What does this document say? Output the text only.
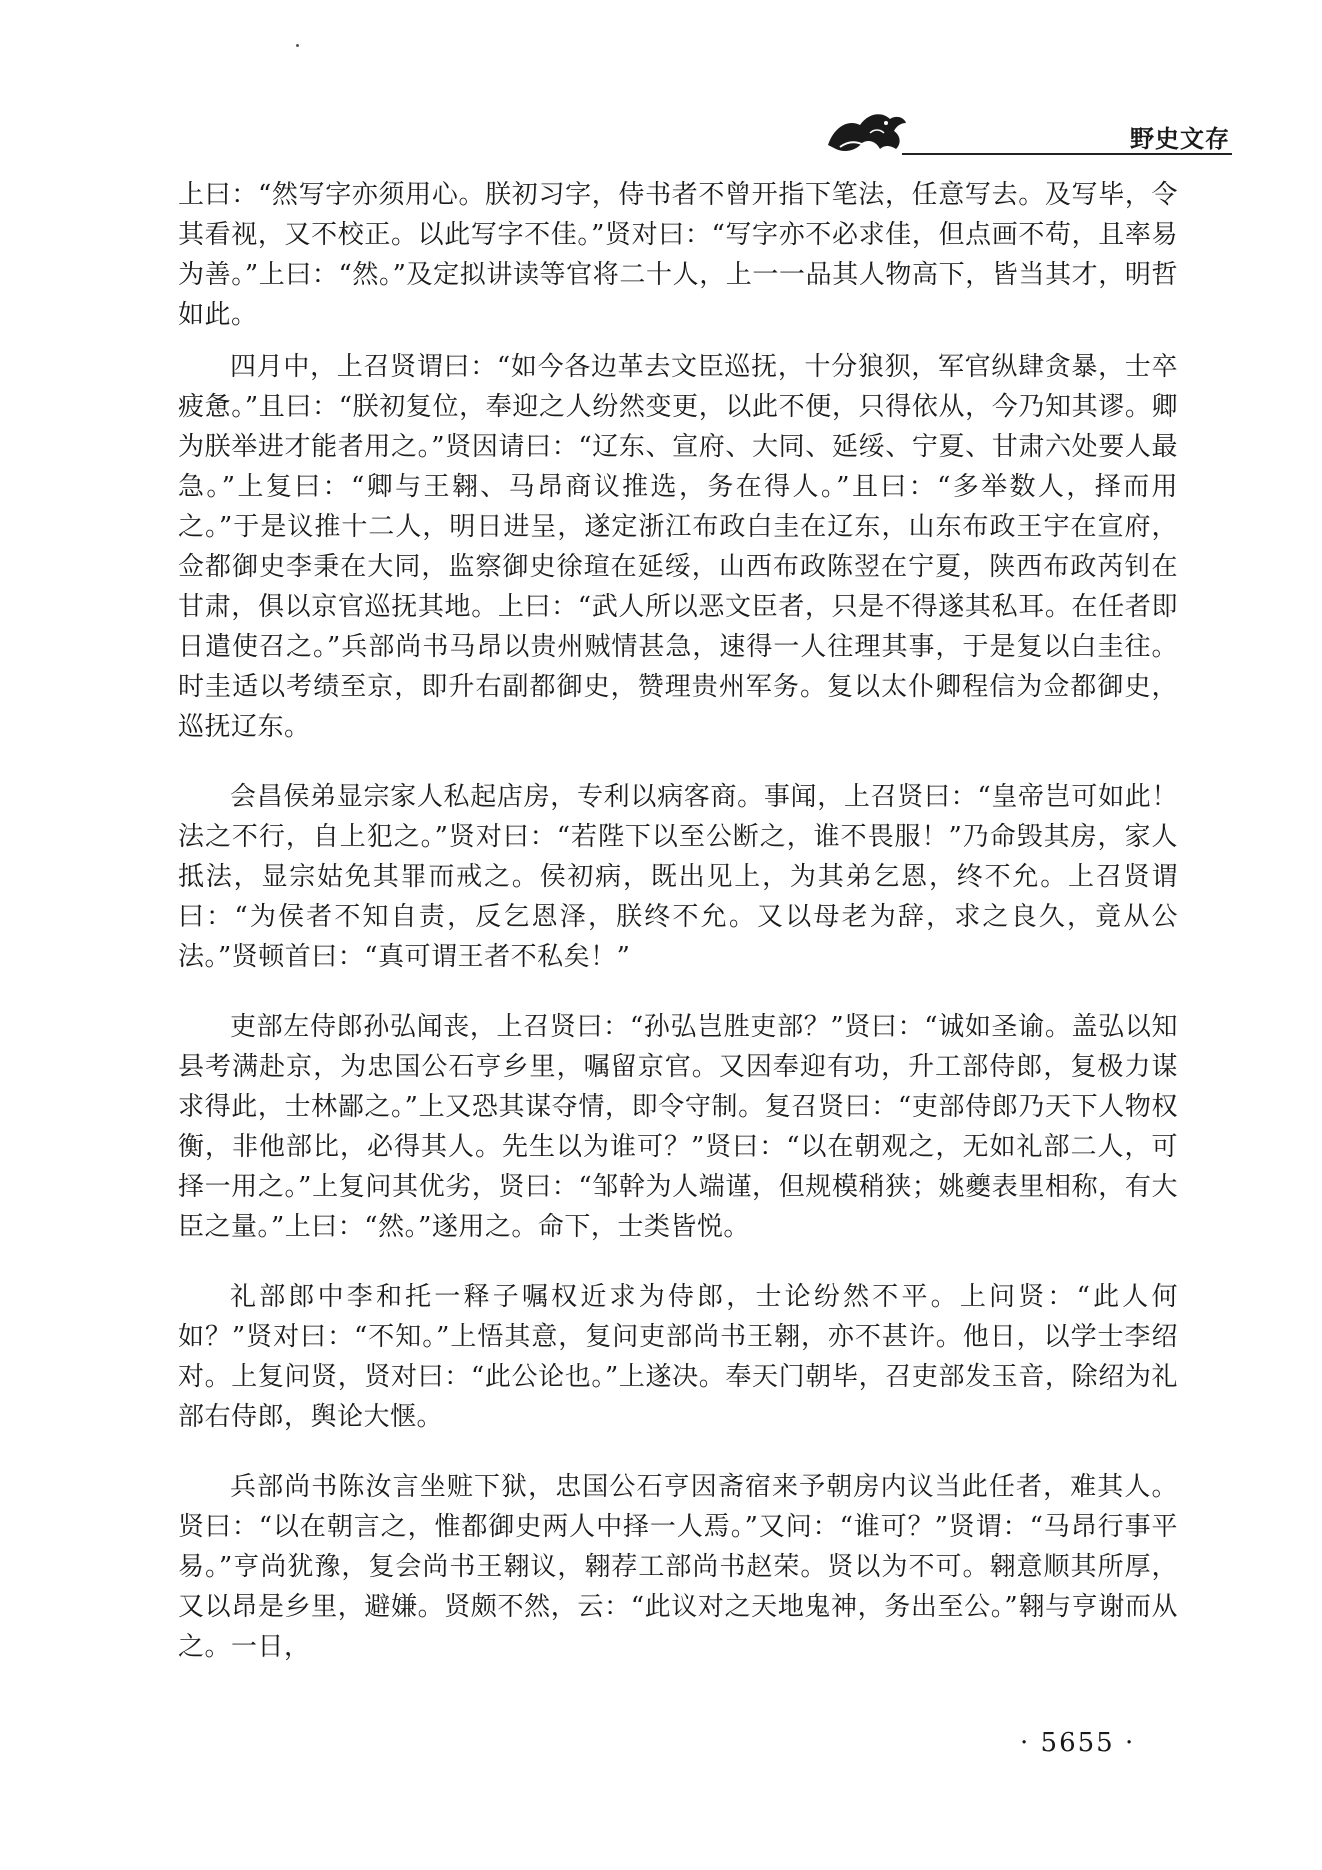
野史文存

上曰：“然写字亦须用心。朕初习字，侍书者不曾开指下笔法，任意写去。及写毕，令其看视，又不校正。以此写字不佳。”贤对曰：“写字亦不必求佳，但点画不苟，且率易为善。”上曰：“然。”及定拟讲读等官将二十人，上一一品其人物高下，皆当其才，明哲如此。

四月中，上召贤谓曰：“如今各边革去文臣巡抚，十分狼狈，军官纵肆贪暴，士卒疲惫。”且曰：“朕初复位，奉迎之人纷然变更，以此不便，只得依从，今乃知其谬。卿为朕举进才能者用之。”贤因请曰：“辽东、宣府、大同、延绥、宁夏、甘肃六处要人最急。”上复曰：“卿与王翱、马昂商议推选，务在得人。”且曰：“多举数人，择而用之。”于是议推十二人，明日进呈，遂定浙江布政白圭在辽东，山东布政王宇在宣府，佥都御史李秉在大同，监察御史徐瑄在延绥，山西布政陈翌在宁夏，陕西布政芮钊在甘肃，俱以京官巡抚其地。上曰：“武人所以恶文臣者，只是不得遂其私耳。在任者即日遣使召之。”兵部尚书马昂以贵州贼情甚急，速得一人往理其事，于是复以白圭往。时圭适以考绩至京，即升右副都御史，赞理贵州军务。复以太仆卿程信为佥都御史，巡抚辽东。

会昌侯弟显宗家人私起店房，专利以病客商。事闻，上召贤曰：“皇帝岂可如此！法之不行，自上犯之。”贤对曰：“若陛下以至公断之，谁不畏服！”乃命毁其房，家人抵法，显宗姑免其罪而戒之。侯初病，既出见上，为其弟乞恩，终不允。上召贤谓曰：“为侯者不知自责，反乞恩泽，朕终不允。又以母老为辞，求之良久，竟从公法。”贤顿首曰：“真可谓王者不私矣！”

吏部左侍郎孙弘闻丧，上召贤曰：“孙弘岂胜吏部？”贤曰：“诚如圣谕。盖弘以知县考满赴京，为忠国公石亨乡里，嘱留京官。又因奉迎有功，升工部侍郎，复极力谋求得此，士林鄙之。”上又恐其谋夺情，即令守制。复召贤曰：“吏部侍郎乃天下人物权衡，非他部比，必得其人。先生以为谁可？”贤曰：“以在朝观之，无如礼部二人，可择一用之。”上复问其优劣，贤曰：“邹幹为人端谨，但规模稍狭；姚夔表里相称，有大臣之量。”上曰：“然。”遂用之。命下，士类皆悦。

礼部郎中李和托一释子嘱权近求为侍郎，士论纷然不平。上问贤：“此人何如？”贤对曰：“不知。”上悟其意，复问吏部尚书王翱，亦不甚许。他日，以学士李绍对。上复问贤，贤对曰：“此公论也。”上遂决。奉天门朝毕，召吏部发玉音，除绍为礼部右侍郎，舆论大惬。

兵部尚书陈汝言坐赃下狱，忠国公石亨因斋宿来予朝房内议当此任者，难其人。贤曰：“以在朝言之，惟都御史两人中择一人焉。”又问：“谁可？”贤谓：“马昂行事平易。”亨尚犹豫，复会尚书王翱议，翱荐工部尚书赵荣。贤以为不可。翱意顺其所厚，又以昂是乡里，避嫌。贤颇不然，云：“此议对之天地鬼神，务出至公。”翱与亨谢而从之。一日，

· 5655 ·
